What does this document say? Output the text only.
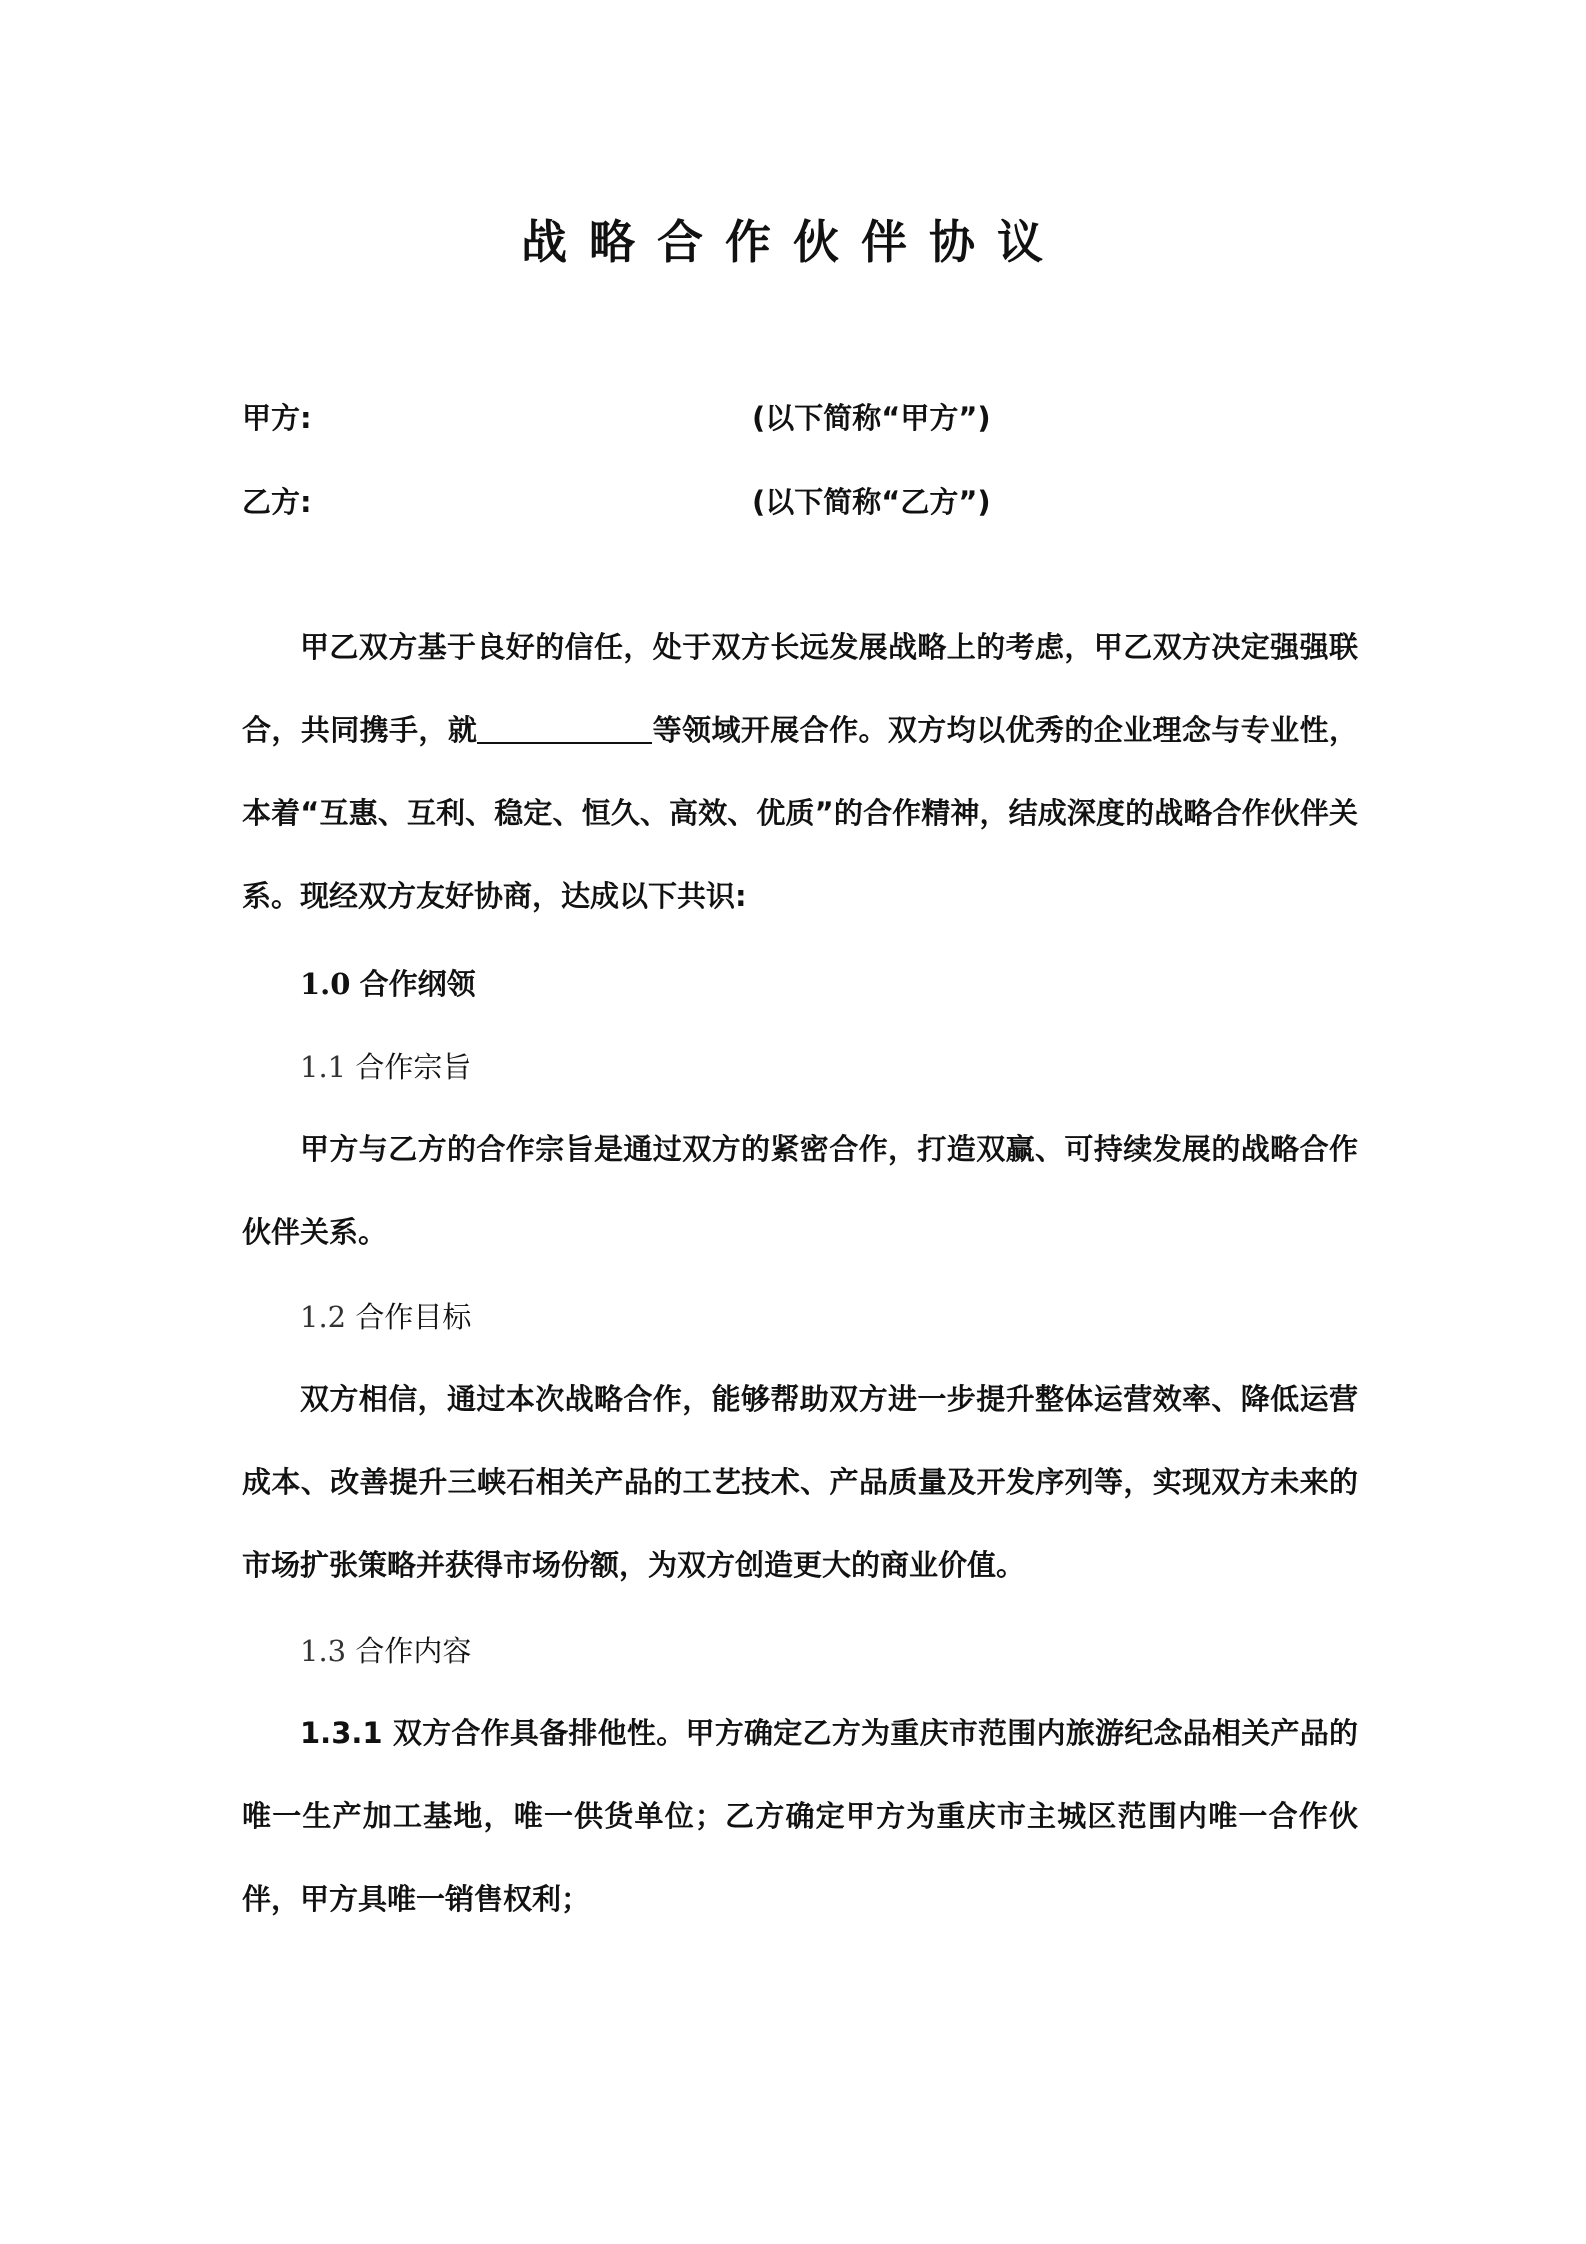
战略合作伙伴协议
甲方:	(以下简称“甲方”)
乙方:	(以下简称“乙方”)
甲乙双方基于良好的信任，处于双方长远发展战略上的考虑，甲乙双方决定强强联合，共同携手，就	等领域开展合作。双方均以优秀的企业理念与专业性，本着“互惠、互利、稳定、恒久、高效、优质”的合作精神，结成深度的战略合作伙伴关系。现经双方友好协商，达成以下共识:
1.0 合作纲领
1.1 合作宗旨
甲方与乙方的合作宗旨是通过双方的紧密合作，打造双赢、可持续发展的战略合作伙伴关系。
1.2 合作目标
双方相信，通过本次战略合作，能够帮助双方进一步提升整体运营效率、降低运营成本、改善提升三峡石相关产品的工艺技术、产品质量及开发序列等，实现双方未来的市场扩张策略并获得市场份额，为双方创造更大的商业价值。
1.3 合作内容
1.3.1 双方合作具备排他性。甲方确定乙方为重庆市范围内旅游纪念品相关产品的唯一生产加工基地，唯一供货单位；乙方确定甲方为重庆市主城区范围内唯一合作伙伴，甲方具唯一销售权利；
